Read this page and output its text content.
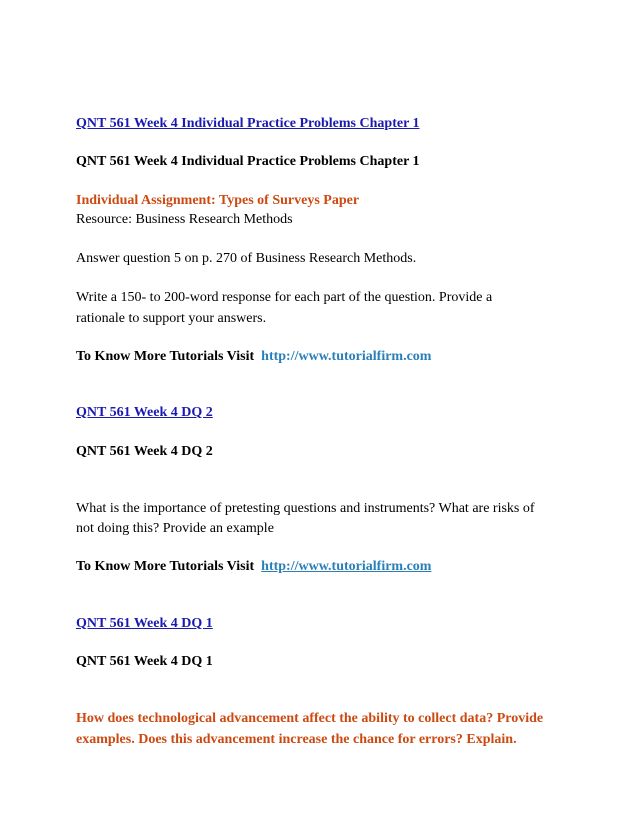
QNT 561 Week 4 Individual Practice Problems Chapter 1

QNT 561 Week 4 Individual Practice Problems Chapter 1

Individual Assignment: Types of Surveys Paper

Resource: Business Research Methods

Answer question 5 on p. 270 of Business Research Methods.

Write a 150- to 200-word response for each part of the question. Provide a

rationale to support your answers.

To Know More Tutorials Visit http://www.tutorialfirm.com

QNT 561 Week 4 DQ 2

QNT 561 Week 4 DQ 2

What is the importance of pretesting questions and instruments? What are risks of

not doing this? Provide an example

To Know More Tutorials Visit http://www.tutorialfirm.com

QNT 561 Week 4 DQ 1

QNT 561 Week 4 DQ 1

How does technological advancement affect the ability to collect data? Provide

examples. Does this advancement increase the chance for errors? Explain.
